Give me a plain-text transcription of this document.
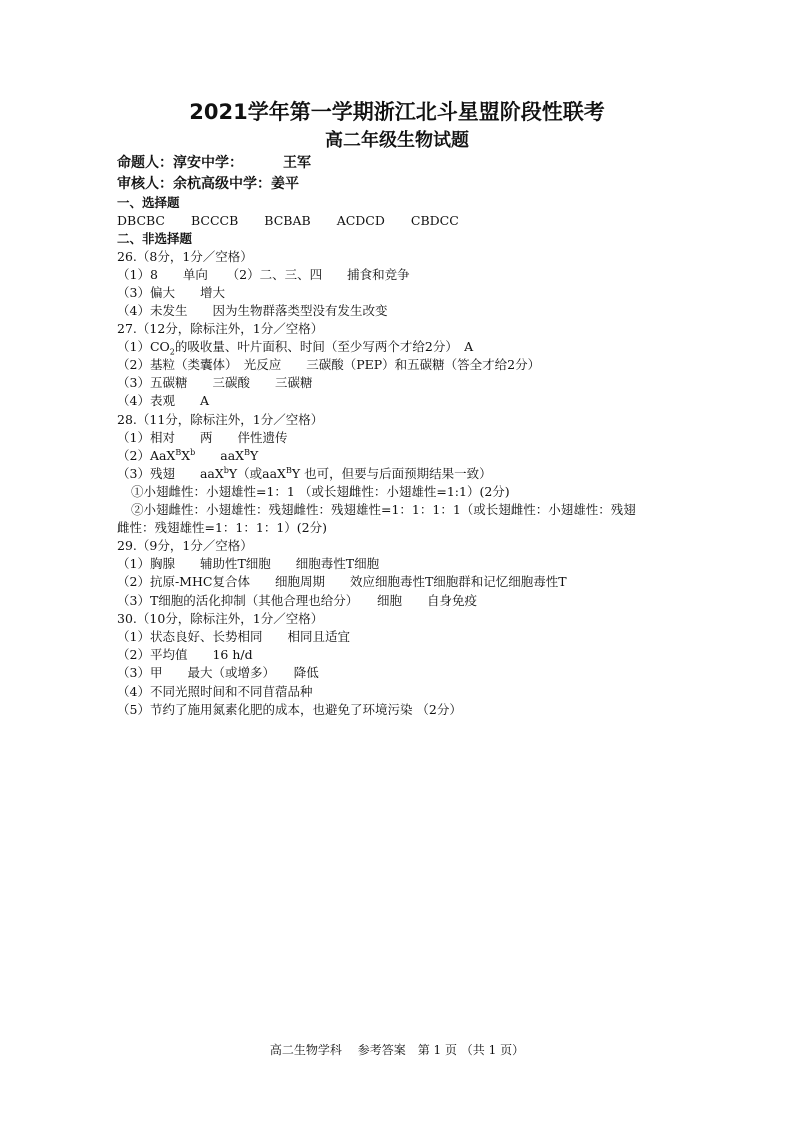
2021学年第一学期浙江北斗星盟阶段性联考
高二年级生物试题
命题人：淳安中学：	王军
审核人：余杭高级中学：姜平
一、选择题
DBCBC BCCCB BCBAB ACDCD CBDCC
二、非选择题
26.（8分，1分／空格）
（1）8　　单向　　（2）二、三、四　　捕食和竞争
（3）偏大　　增大
（4）未发生　　因为生物群落类型没有发生改变
27.（12分，除标注外，1分／空格）
$(1)CO_2$的吸收量、叶片面积、时间（至少写两个才给2分）　A
（2）基粒（类囊体）　光反应　　三碳酸（PEP）和五碳糖（答全才给2分）
（3）五碳糖　　三碳酸　　三碳糖
（4）表观　　A
28.（11分，除标注外，1分／空格）
（1）相对　　两　　伴性遗传
$(2)AaX^BX^b$　　aaX$^B$Y
（3）残翅　　aaX$^b$Y（或aaX$^B$Y 也可，但要与后面预期结果一致）
①小翅雌性：小翅雄性=1：1 （或长翅雌性：小翅雄性=1:1）(2分)
②小翅雌性：小翅雄性：残翅雌性：残翅雄性=1：1：1：1（或长翅雌性：小翅雄性：残翅
雌性：残翅雄性=1：1：1：1）(2分)
29.（9分，1分／空格）
（1）胸腺　　辅助性T细胞　　细胞毒性T细胞
（2）抗原-MHC复合体　　细胞周期　　效应细胞毒性T细胞群和记忆细胞毒性T
（3）T细胞的活化抑制（其他合理也给分）　　细胞　　自身免疫
30.（10分，除标注外，1分／空格）
（1）状态良好、长势相同　　相同且适宜
（2）平均值　　16 h/d
（3）甲　　最大（或增多）　　降低
（4）不同光照时间和不同苜蓿品种
（5）节约了施用氮素化肥的成本，也避免了环境污染 （2分）
高二生物学科　 参考答案　第 1 页 （共 1 页）
